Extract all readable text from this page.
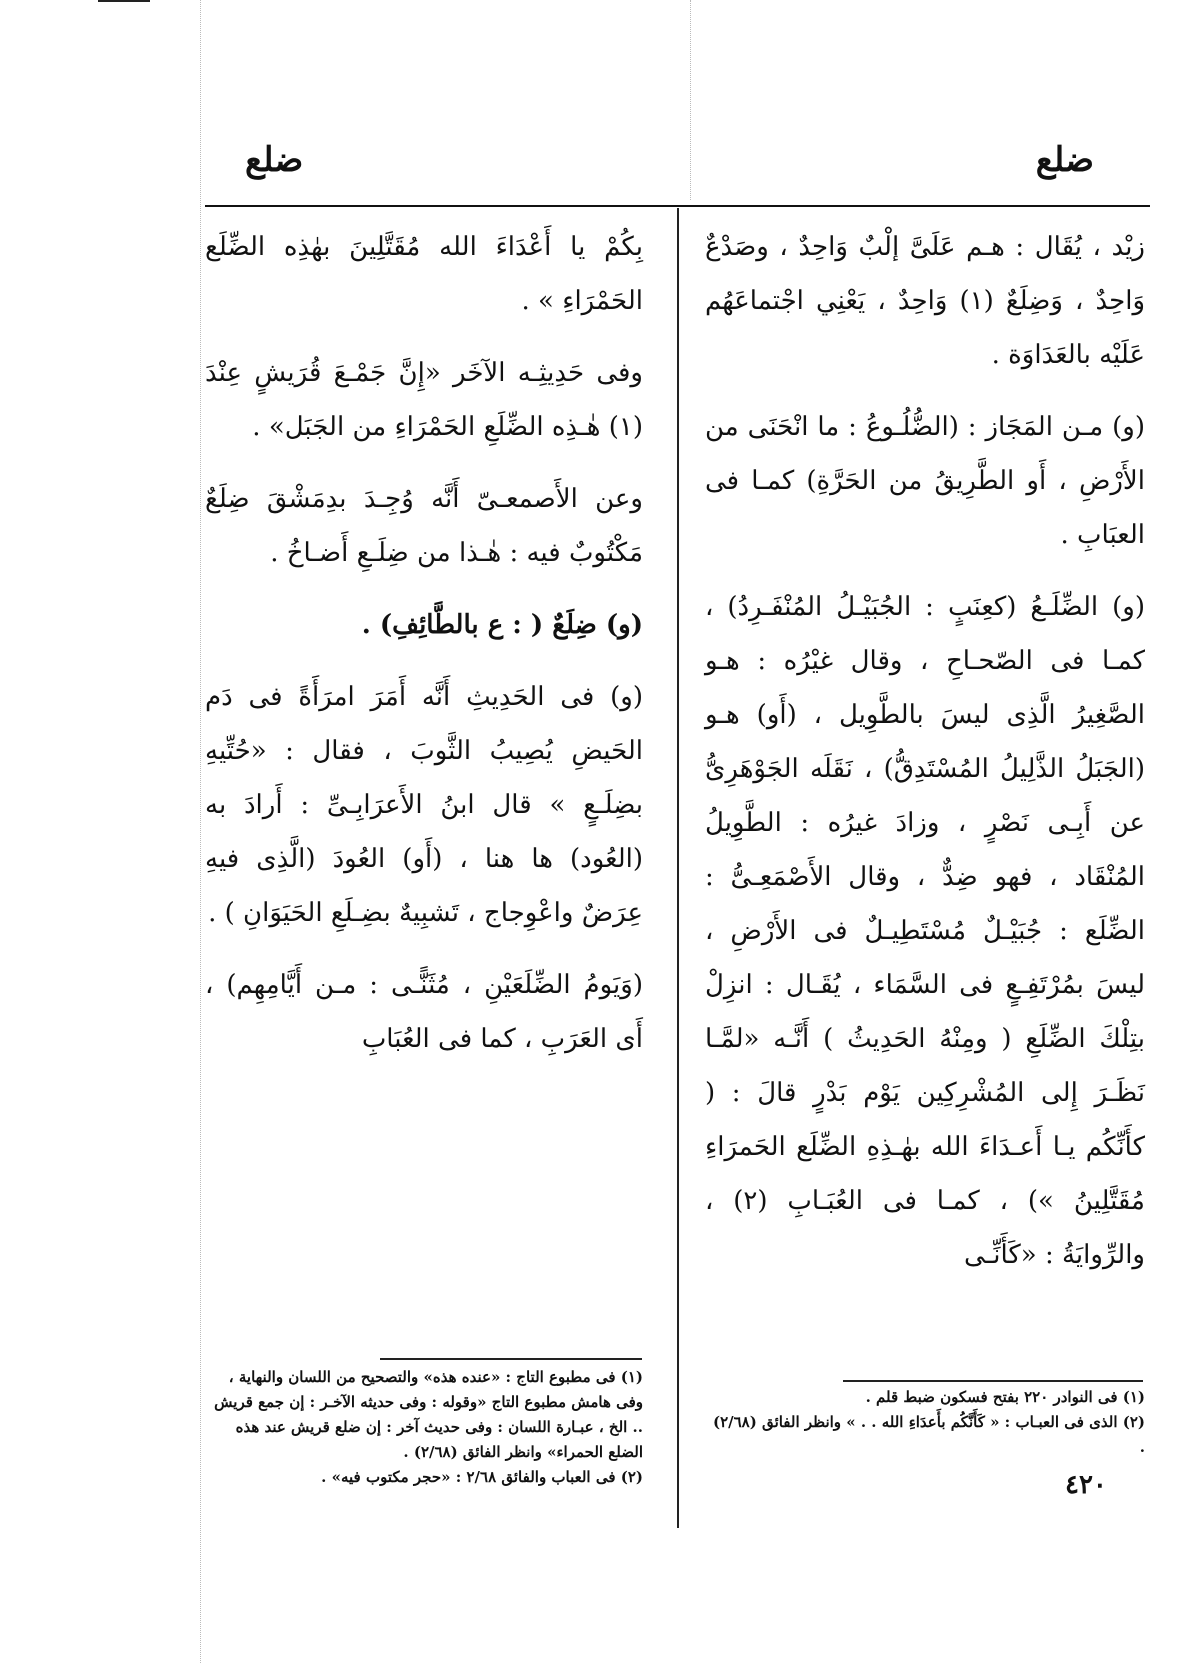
ضلع
ضلع

زيْد ، يُقَال : هـم عَلَىَّ إلْبٌ وَاحِدٌ ، وصَدْعٌ وَاحِدٌ ، وَضِلَعٌ (١) وَاحِدٌ ، يَعْنِي اجْتماعَهُم عَلَيْه بالعَدَاوَة .

(و) مـن المَجَاز : (الضُّلُـوعُ : ما انْحَنَى من الأَرْضِ ، أَو الطَّرِيقُ من الحَرَّةِ) كمـا فى العبَابِ .

(و) الضِّلَـعُ (كعِنَبٍ : الجُبَيْـلُ المُنْفَـرِدُ) ، كمـا فى الصّحـاحِ ، وقال غيْرُه : هـو الصَّغِيرُ الَّذِى ليسَ بالطَّوِيل ، (أَو) هـو (الجَبَلُ الذَّلِيلُ المُسْتَدِقُّ) ، نَقَلَه الجَوْهَرِىُّ عن أَبِـى نَصْرٍ ، وزادَ غيرُه : الطَّوِيلُ المُنْقَاد ، فهو ضِدٌّ ، وقال الأَصْمَعِـىُّ : الضِّلَع : جُبَيْـلٌ مُسْتَطِيـلٌ فى الأَرْضِ ، ليسَ بمُرْتَفِـعٍ فى السَّمَاء ، يُقَـال : انزِلْ بتِلْكَ الضِّلَعِ ( ومِنْهُ الحَدِيثُ ) أَنَّـه «لمَّـا نَظَـرَ إِلى المُشْرِكِين يَوْم بَدْرٍ قالَ : ( كأَنِّكُم يـا أَعـدَاءَ الله بهٰـذِهِ الضِّلَع الحَمرَاءِ مُقَتَّلِينُ ») ، كمـا فى العُبَـابِ (٢) ، والرِّوايَةُ : «كَأَنِّـى

بِكُمْ يا أَعْدَاءَ الله مُقَتَّلِينَ بهٰذِه الضِّلَع الحَمْرَاءِ » .

وفى حَدِيثِـه الآخَر «إِنَّ جَمْـعَ قُرَيشٍ عِنْدَ (١) هٰـذِه الضِّلَعِ الحَمْرَاءِ من الجَبَل» .

وعن الأَصمعـىّ أَنَّه وُجِـدَ بدِمَشْقَ ضِلَعٌ مَكْتُوبٌ فيه : هٰـذا من ضِلَـعِ أَضـاخُ .

(و) ضِلَعٌ ( : ع بالطَّائِفِ) .

(و) فى الحَدِيثِ أَنَّه أَمَرَ امرَأَةً فى دَم الحَيضِ يُصِيبُ الثَّوبَ ، فقال : «حُتِّيهِ بضِلَـعٍ » قال ابنُ الأَعرَابِـىِّ : أَرادَ به (العُود) ها هنا ، (أَو) العُودَ (الَّذِى فيهِ عِرَضٌ واعْوِجاج ، تَشبِيهٌ بضِـلَعِ الحَيَوَانِ ) .

(وَيَومُ الضِّلَعَيْنِ ، مُثَنًّـى : مـن أَيَّامِهِم) ، أَى العَرَبِ ، كما فى العُبَابِ

(١) فى النوادر ٢٢٠ بفتح فسكون ضبط قلم .

(٢) الذى فى العبـاب : « كَأَنَّكُم بأَعدَاءِ الله . . » وانظر الفائق (٢/٦٨) .

(١) فى مطبوع التاج : «عنده هذه» والتصحيح من اللسان والنهاية ، وفى هامش مطبوع التاج «وقوله : وفى حديثه الآخـر : إن جمع قريش .. الخ ، عبـارة اللسان : وفى حديث آخر : إن ضلع قريش عند هذه الضلع الحمراء» وانظر الفائق (٢/٦٨) .

(٢) فى العباب والفائق ٢/٦٨ : «حجر مكتوب فيه» .	٤٢٠
